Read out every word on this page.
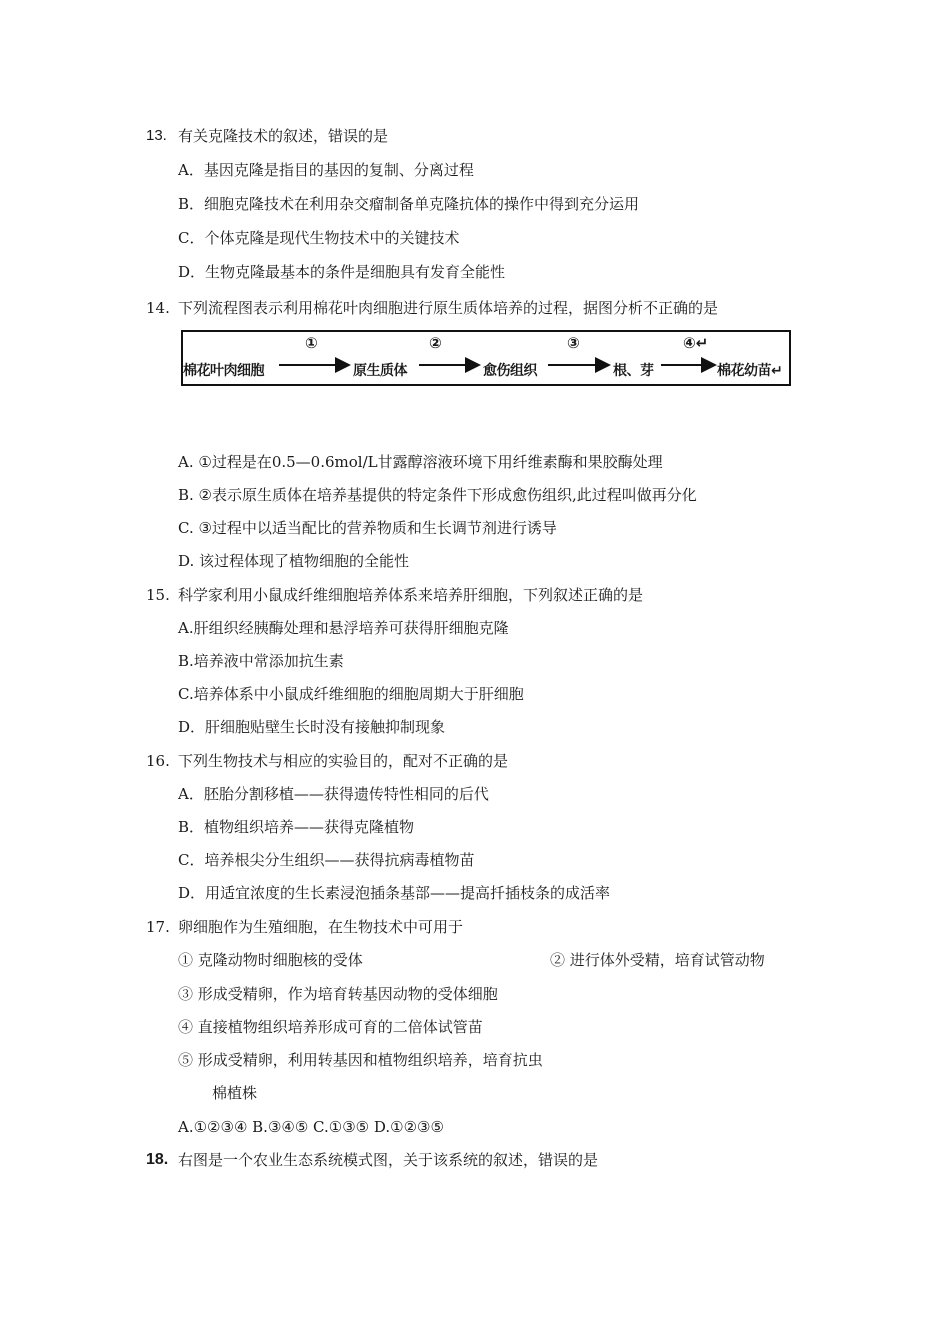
13. 有关克隆技术的叙述，错误的是
A．基因克隆是指目的基因的复制、分离过程
B．细胞克隆技术在利用杂交瘤制备单克隆抗体的操作中得到充分运用
C．个体克隆是现代生物技术中的关键技术
D．生物克隆最基本的条件是细胞具有发育全能性
14. 下列流程图表示利用棉花叶肉细胞进行原生质体培养的过程，据图分析不正确的是
棉花叶肉细胞	原生质体	愈伤组织	根、芽	棉花幼苗↵
①	②	③	④↵
A. ①过程是在0.5—0.6mol/L甘露醇溶液环境下用纤维素酶和果胶酶处理
B. ②表示原生质体在培养基提供的特定条件下形成愈伤组织,此过程叫做再分化
C. ③过程中以适当配比的营养物质和生长调节剂进行诱导
D. 该过程体现了植物细胞的全能性
15. 科学家利用小鼠成纤维细胞培养体系来培养肝细胞，下列叙述正确的是
A.肝组织经胰酶处理和悬浮培养可获得肝细胞克隆
B.培养液中常添加抗生素
C.培养体系中小鼠成纤维细胞的细胞周期大于肝细胞
D．肝细胞贴壁生长时没有接触抑制现象
16. 下列生物技术与相应的实验目的，配对不正确的是
A．胚胎分割移植——获得遗传特性相同的后代
B．植物组织培养——获得克隆植物
C．培养根尖分生组织——获得抗病毒植物苗
D．用适宜浓度的生长素浸泡插条基部——提高扦插枝条的成活率
17. 卵细胞作为生殖细胞，在生物技术中可用于
① 克隆动物时细胞核的受体	② 进行体外受精，培育试管动物
③ 形成受精卵，作为培育转基因动物的受体细胞
④ 直接植物组织培养形成可育的二倍体试管苗
⑤ 形成受精卵，利用转基因和植物组织培养，培育抗虫
棉植株
A.①②③④ B.③④⑤ C.①③⑤ D.①②③⑤
18. 右图是一个农业生态系统模式图，关于该系统的叙述，错误的是
